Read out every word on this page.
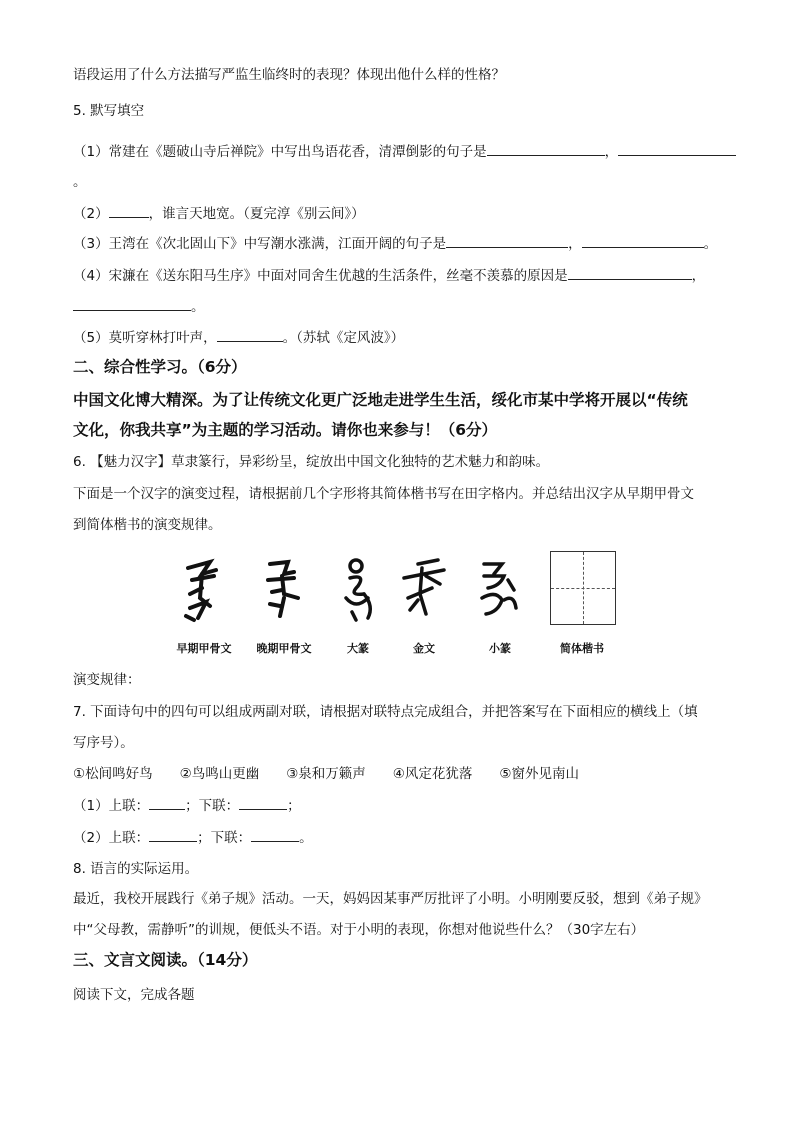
语段运用了什么方法描写严监生临终时的表现？体现出他什么样的性格？
5. 默写填空
（1）常建在《题破山寺后禅院》中写出鸟语花香，清潭倒影的句子是	，
。
（2）	，谁言天地宽。（夏完淳《别云间》）
（3）王湾在《次北固山下》中写潮水涨满，江面开阔的句子是	，	。
（4）宋濂在《送东阳马生序》中面对同舍生优越的生活条件，丝毫不羡慕的原因是	，
。
（5）莫听穿林打叶声，	。（苏轼《定风波》）
二、综合性学习。（6分）
中国文化博大精深。为了让传统文化更广泛地走进学生生活，绥化市某中学将开展以“传统
文化，你我共享”为主题的学习活动。请你也来参与！（6分）
6. 【魅力汉字】草隶篆行，异彩纷呈，绽放出中国文化独特的艺术魅力和韵味。
下面是一个汉字的演变过程，请根据前几个字形将其简体楷书写在田字格内。并总结出汉字从早期甲骨文
到简体楷书的演变规律。
早期甲骨文	晚期甲骨文	大篆	金文	小篆	简体楷书
演变规律：
7. 下面诗句中的四句可以组成两副对联，请根据对联特点完成组合，并把答案写在下面相应的横线上（填
写序号）。
①松间鸣好鸟　　②鸟鸣山更幽　　③泉和万籁声　　④风定花犹落　　⑤窗外见南山
（1）上联：	；下联：	；
（2）上联：	；下联：	。
8. 语言的实际运用。
最近，我校开展践行《弟子规》活动。一天，妈妈因某事严厉批评了小明。小明刚要反驳，想到《弟子规》
中“父母教，需静听”的训规，便低头不语。对于小明的表现，你想对他说些什么？（30字左右）
三、文言文阅读。（14分）
阅读下文，完成各题
